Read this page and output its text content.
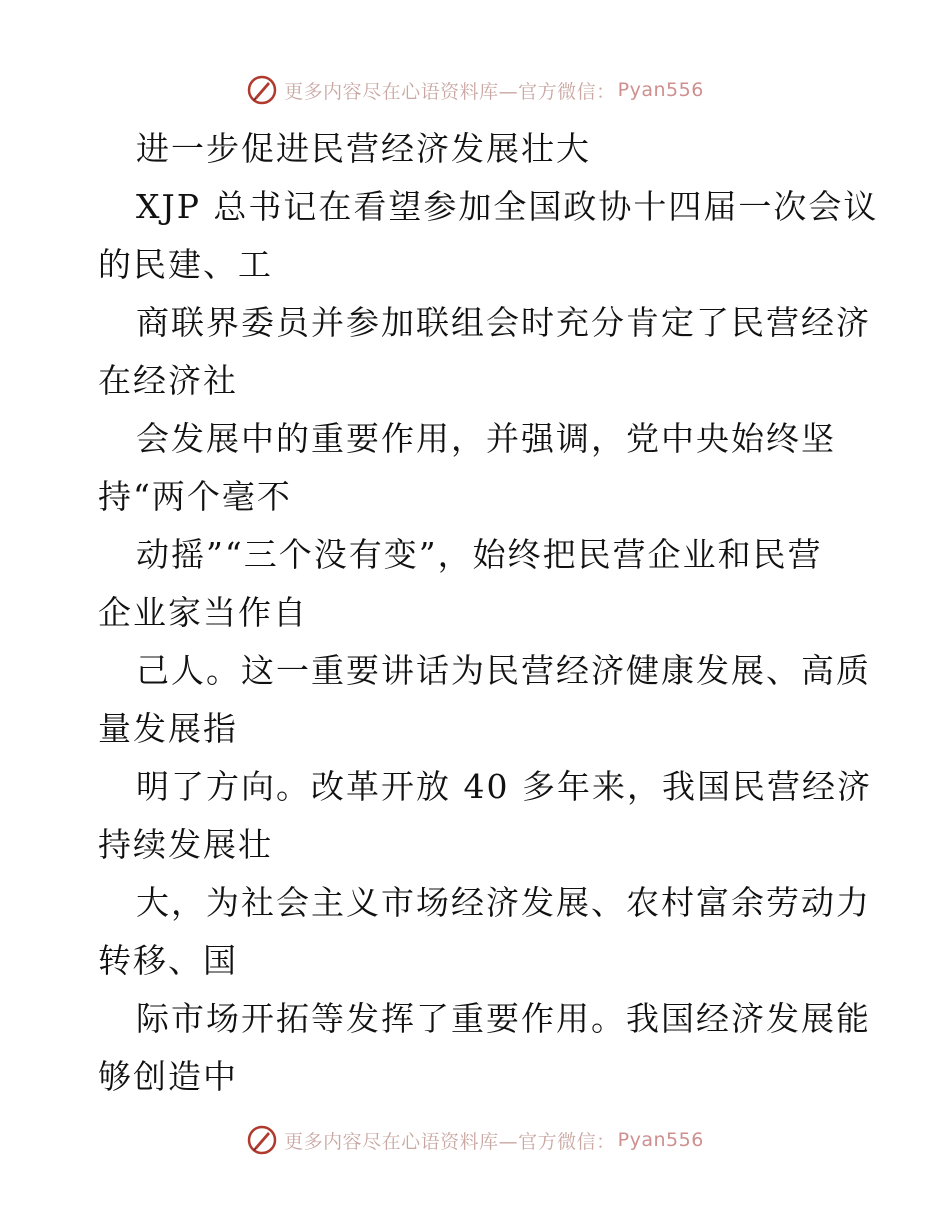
更多内容尽在心语资料库—官方微信： Pyan556
进一步促进民营经济发展壮大
XJP 总书记在看望参加全国政协十四届一次会议
的民建、工
商联界委员并参加联组会时充分肯定了民营经济
在经济社
会发展中的重要作用，并强调，党中央始终坚
持“两个毫不
动摇”“三个没有变”，始终把民营企业和民营
企业家当作自
己人。这一重要讲话为民营经济健康发展、高质
量发展指
明了方向。改革开放 40 多年来，我国民营经济
持续发展壮
大，为社会主义市场经济发展、农村富余劳动力
转移、国
际市场开拓等发挥了重要作用。我国经济发展能
够创造中
更多内容尽在心语资料库—官方微信： Pyan556
